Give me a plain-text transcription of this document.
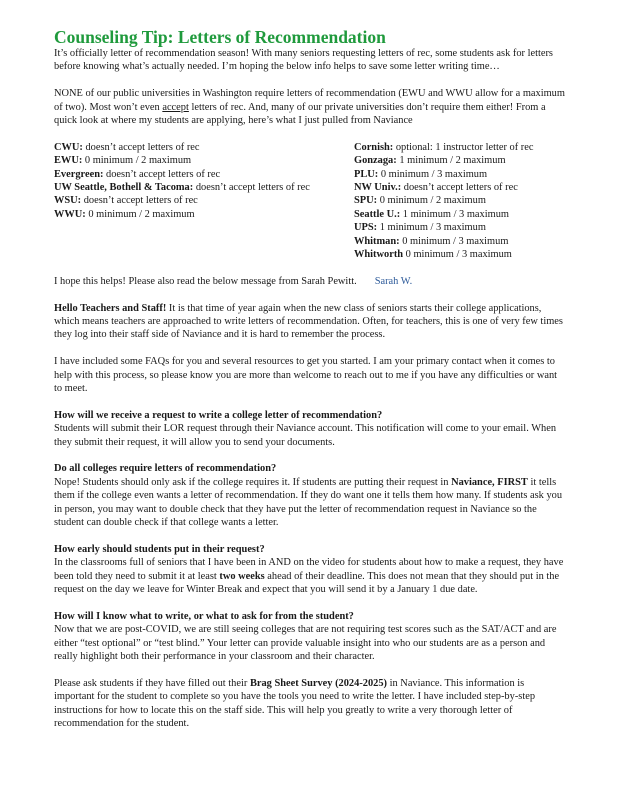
Counseling Tip: Letters of Recommendation

It’s officially letter of recommendation season! With many seniors requesting letters of rec, some students ask for letters before knowing what’s actually needed. I’m hoping the below info helps to save some letter writing time…

NONE of our public universities in Washington require letters of recommendation (EWU and WWU allow for a maximum of two). Most won’t even accept letters of rec. And, many of our private universities don’t require them either! From a quick look at where my students are applying, here’s what I just pulled from Naviance

CWU: doesn’t accept letters of rec
EWU: 0 minimum / 2 maximum
Evergreen: doesn’t accept letters of rec
UW Seattle, Bothell & Tacoma: doesn’t accept letters of rec
WSU: doesn’t accept letters of rec
WWU: 0 minimum / 2 maximum
Cornish: optional: 1 instructor letter of rec
Gonzaga: 1 minimum / 2 maximum
PLU: 0 minimum / 3 maximum
NW Univ.: doesn’t accept letters of rec
SPU: 0 minimum / 2 maximum
Seattle U.: 1 minimum / 3 maximum
UPS: 1 minimum / 3 maximum
Whitman: 0 minimum / 3 maximum
Whitworth 0 minimum / 3 maximum

I hope this helps! Please also read the below message from Sarah Pewitt. Sarah W.

Hello Teachers and Staff! It is that time of year again when the new class of seniors starts their college applications, which means teachers are approached to write letters of recommendation. Often, for teachers, this is one of very few times they log into their staff side of Naviance and it is hard to remember the process.

I have included some FAQs for you and several resources to get you started. I am your primary contact when it comes to help with this process, so please know you are more than welcome to reach out to me if you have any difficulties or want to meet.

How will we receive a request to write a college letter of recommendation?

Students will submit their LOR request through their Naviance account. This notification will come to your email. When they submit their request, it will allow you to send your documents.

Do all colleges require letters of recommendation?

Nope! Students should only ask if the college requires it. If students are putting their request in Naviance, FIRST it tells them if the college even wants a letter of recommendation. If they do want one it tells them how many. If students ask you in person, you may want to double check that they have put the letter of recommendation request in Naviance so the student can double check if that college wants a letter.

How early should students put in their request?

In the classrooms full of seniors that I have been in AND on the video for students about how to make a request, they have been told they need to submit it at least two weeks ahead of their deadline. This does not mean that they should put in the request on the day we leave for Winter Break and expect that you will send it by a January 1 due date.

How will I know what to write, or what to ask for from the student?

Now that we are post-COVID, we are still seeing colleges that are not requiring test scores such as the SAT/ACT and are either “test optional” or “test blind.” Your letter can provide valuable insight into who our students are as a person and really highlight both their performance in your classroom and their character.

Please ask students if they have filled out their Brag Sheet Survey (2024-2025) in Naviance. This information is important for the student to complete so you have the tools you need to write the letter. I have included step-by-step instructions for how to locate this on the staff side. This will help you greatly to write a very thorough letter of recommendation for the student.
